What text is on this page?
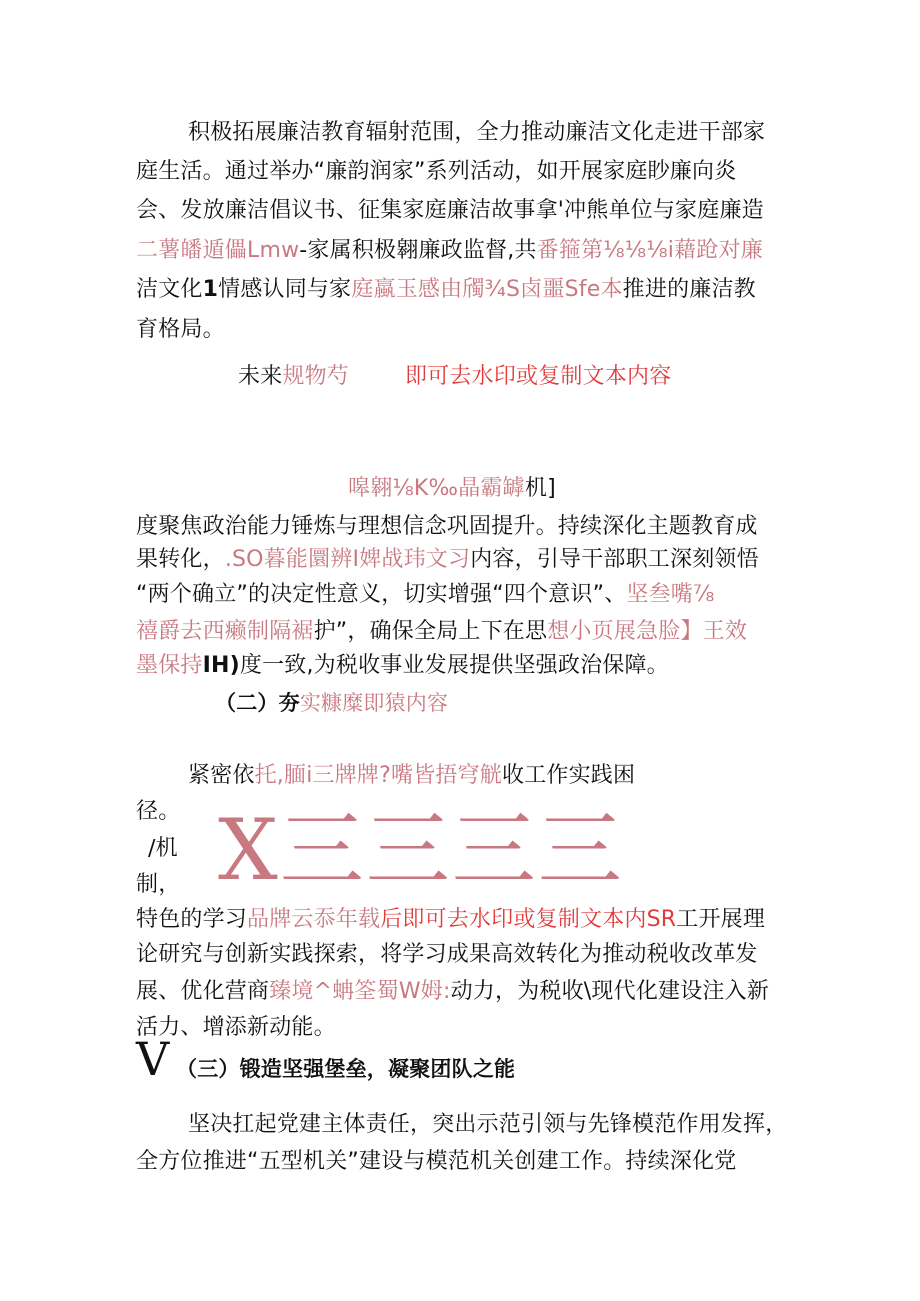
积极拓展廉洁教育辐射范围，全力推动廉洁文化走进干部家
庭生活。通过举办“廉韵润家”系列活动，如开展家庭眇廉向炎
会、发放廉洁倡议书、征集家庭廉洁故事拿'冲熊单位与家庭廉造
二薯皤遁儡Lmw-家属积极翱廉政监督,共番箍第⅛⅛⅛i藉跄对廉
洁文化1情感认同与家庭蠃玉感由斶¾S卤噩Sfe本推进的廉洁教
育格局。
未来规物芍	即可去水印或复制文本内容
嗥翱⅛K‰晶霸罅机]
度聚焦政治能力锤炼与理想信念巩固提升。持续深化主题教育成
果转化，.SO暮能圜辨I婢战玮文习内容，引导干部职工深刻领悟
“两个确立”的决定性意义，切实增强“四个意识”、坚叁嘴⅞
禧爵去西癞制隔裾护”，确保全局上下在思想小页展急脸】王效
墨保持IH)度一致,为税收事业发展提供坚强政治保障。
（二）夯实糠糜即猿内容
紧密依托,腼i三牌牌?嘴皆捂穹觥收工作实践困
径。
∕机
制， X三三三三
特色的学习品牌云忝年载后即可去水印或复制文本内SR工开展理
论研究与创新实践探索，将学习成果高效转化为推动税收改革发
展、优化营商臻境^蚺筌蜀W姆:动力，为税收\现代化建设注入新
活力、增添新动能。
V （三）锻造坚强堡垒，凝聚团队之能
坚决扛起党建主体责任，突出示范引领与先锋模范作用发挥，
全方位推进“五型机关”建设与模范机关创建工作。持续深化党
